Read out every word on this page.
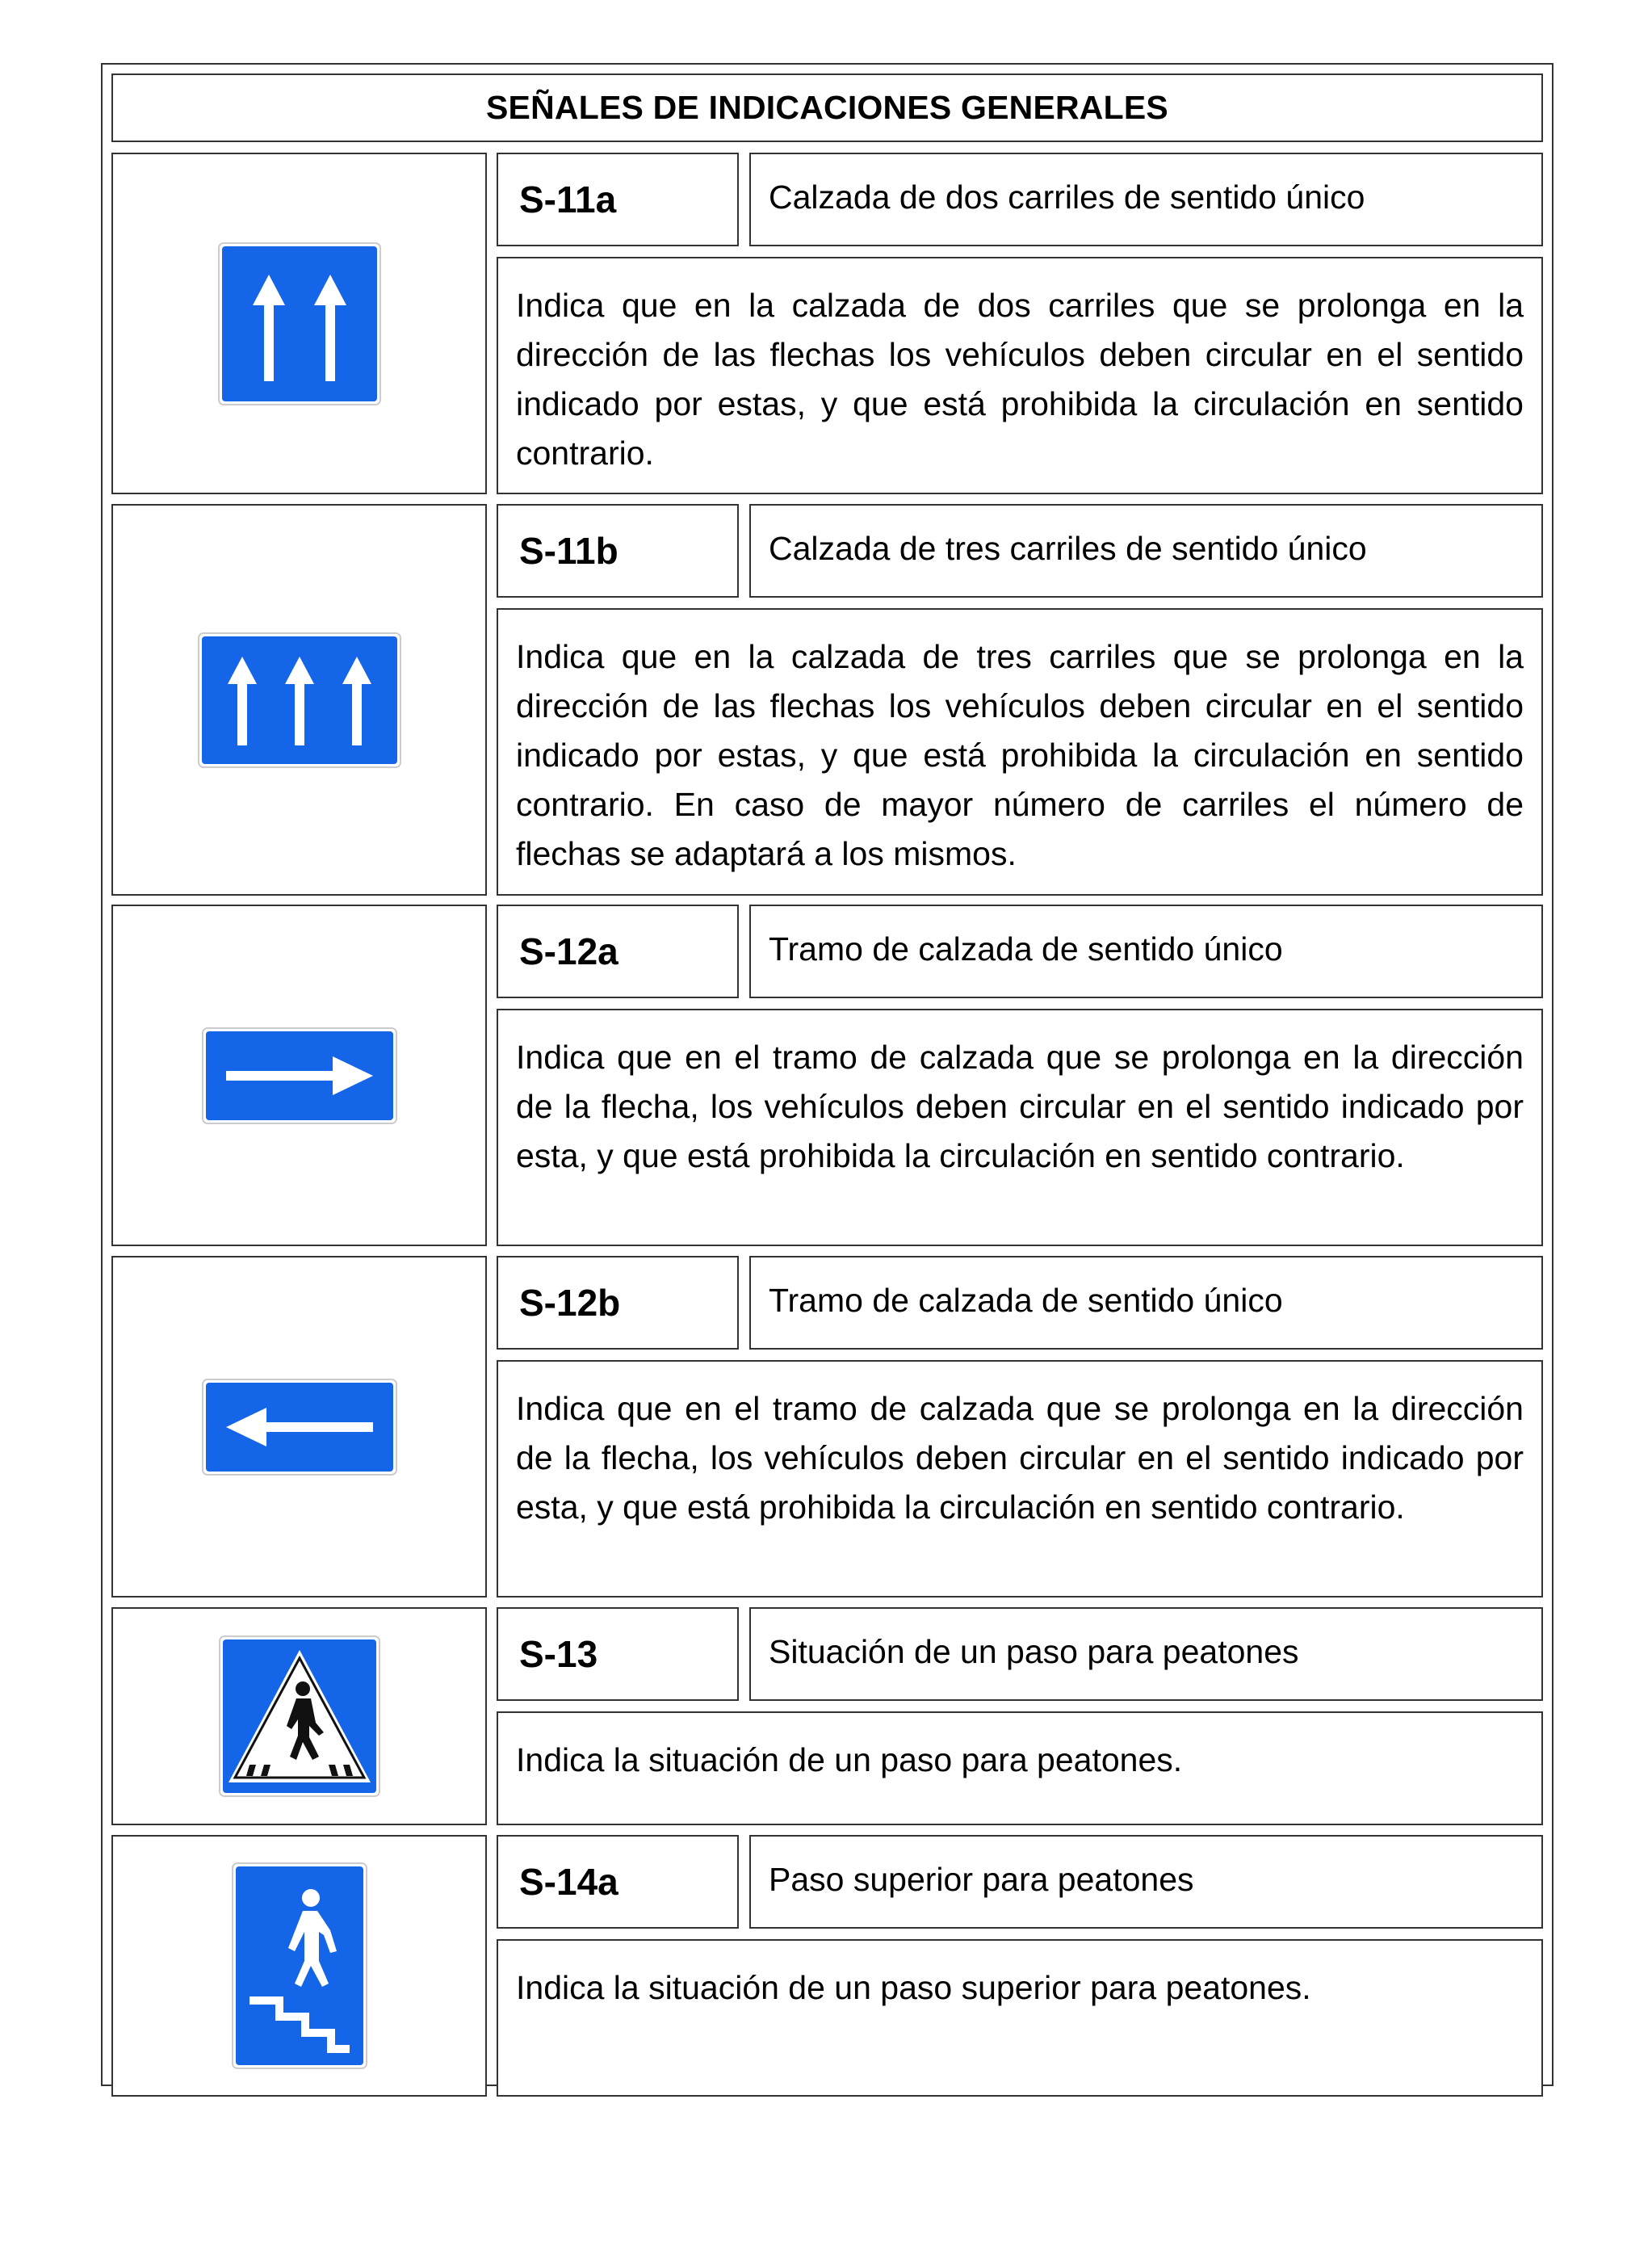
SEÑALES DE INDICACIONES GENERALES
S-11a	Calzada de dos carriles de sentido único

Indica que en la calzada de dos carriles que se prolonga en la dirección de las flechas los vehículos deben circular en el sentido indicado por estas, y que está prohibida la circulación en sentido contrario.

S-11b	Calzada de tres carriles de sentido único

Indica que en la calzada de tres carriles que se prolonga en la dirección de las flechas los vehículos deben circular en el sentido indicado por estas, y que está prohibida la circulación en sentido contrario. En caso de mayor número de carriles el número de flechas se adaptará a los mismos.

S-12a	Tramo de calzada de sentido único

Indica que en el tramo de calzada que se prolonga en la dirección de la flecha, los vehículos deben circular en el sentido indicado por esta, y que está prohibida la circulación en sentido contrario.

S-12b	Tramo de calzada de sentido único

Indica que en el tramo de calzada que se prolonga en la dirección de la flecha, los vehículos deben circular en el sentido indicado por esta, y que está prohibida la circulación en sentido contrario.

S-13	Situación de un paso para peatones

Indica la situación de un paso para peatones.

S-14a	Paso superior para peatones

Indica la situación de un paso superior para peatones.
